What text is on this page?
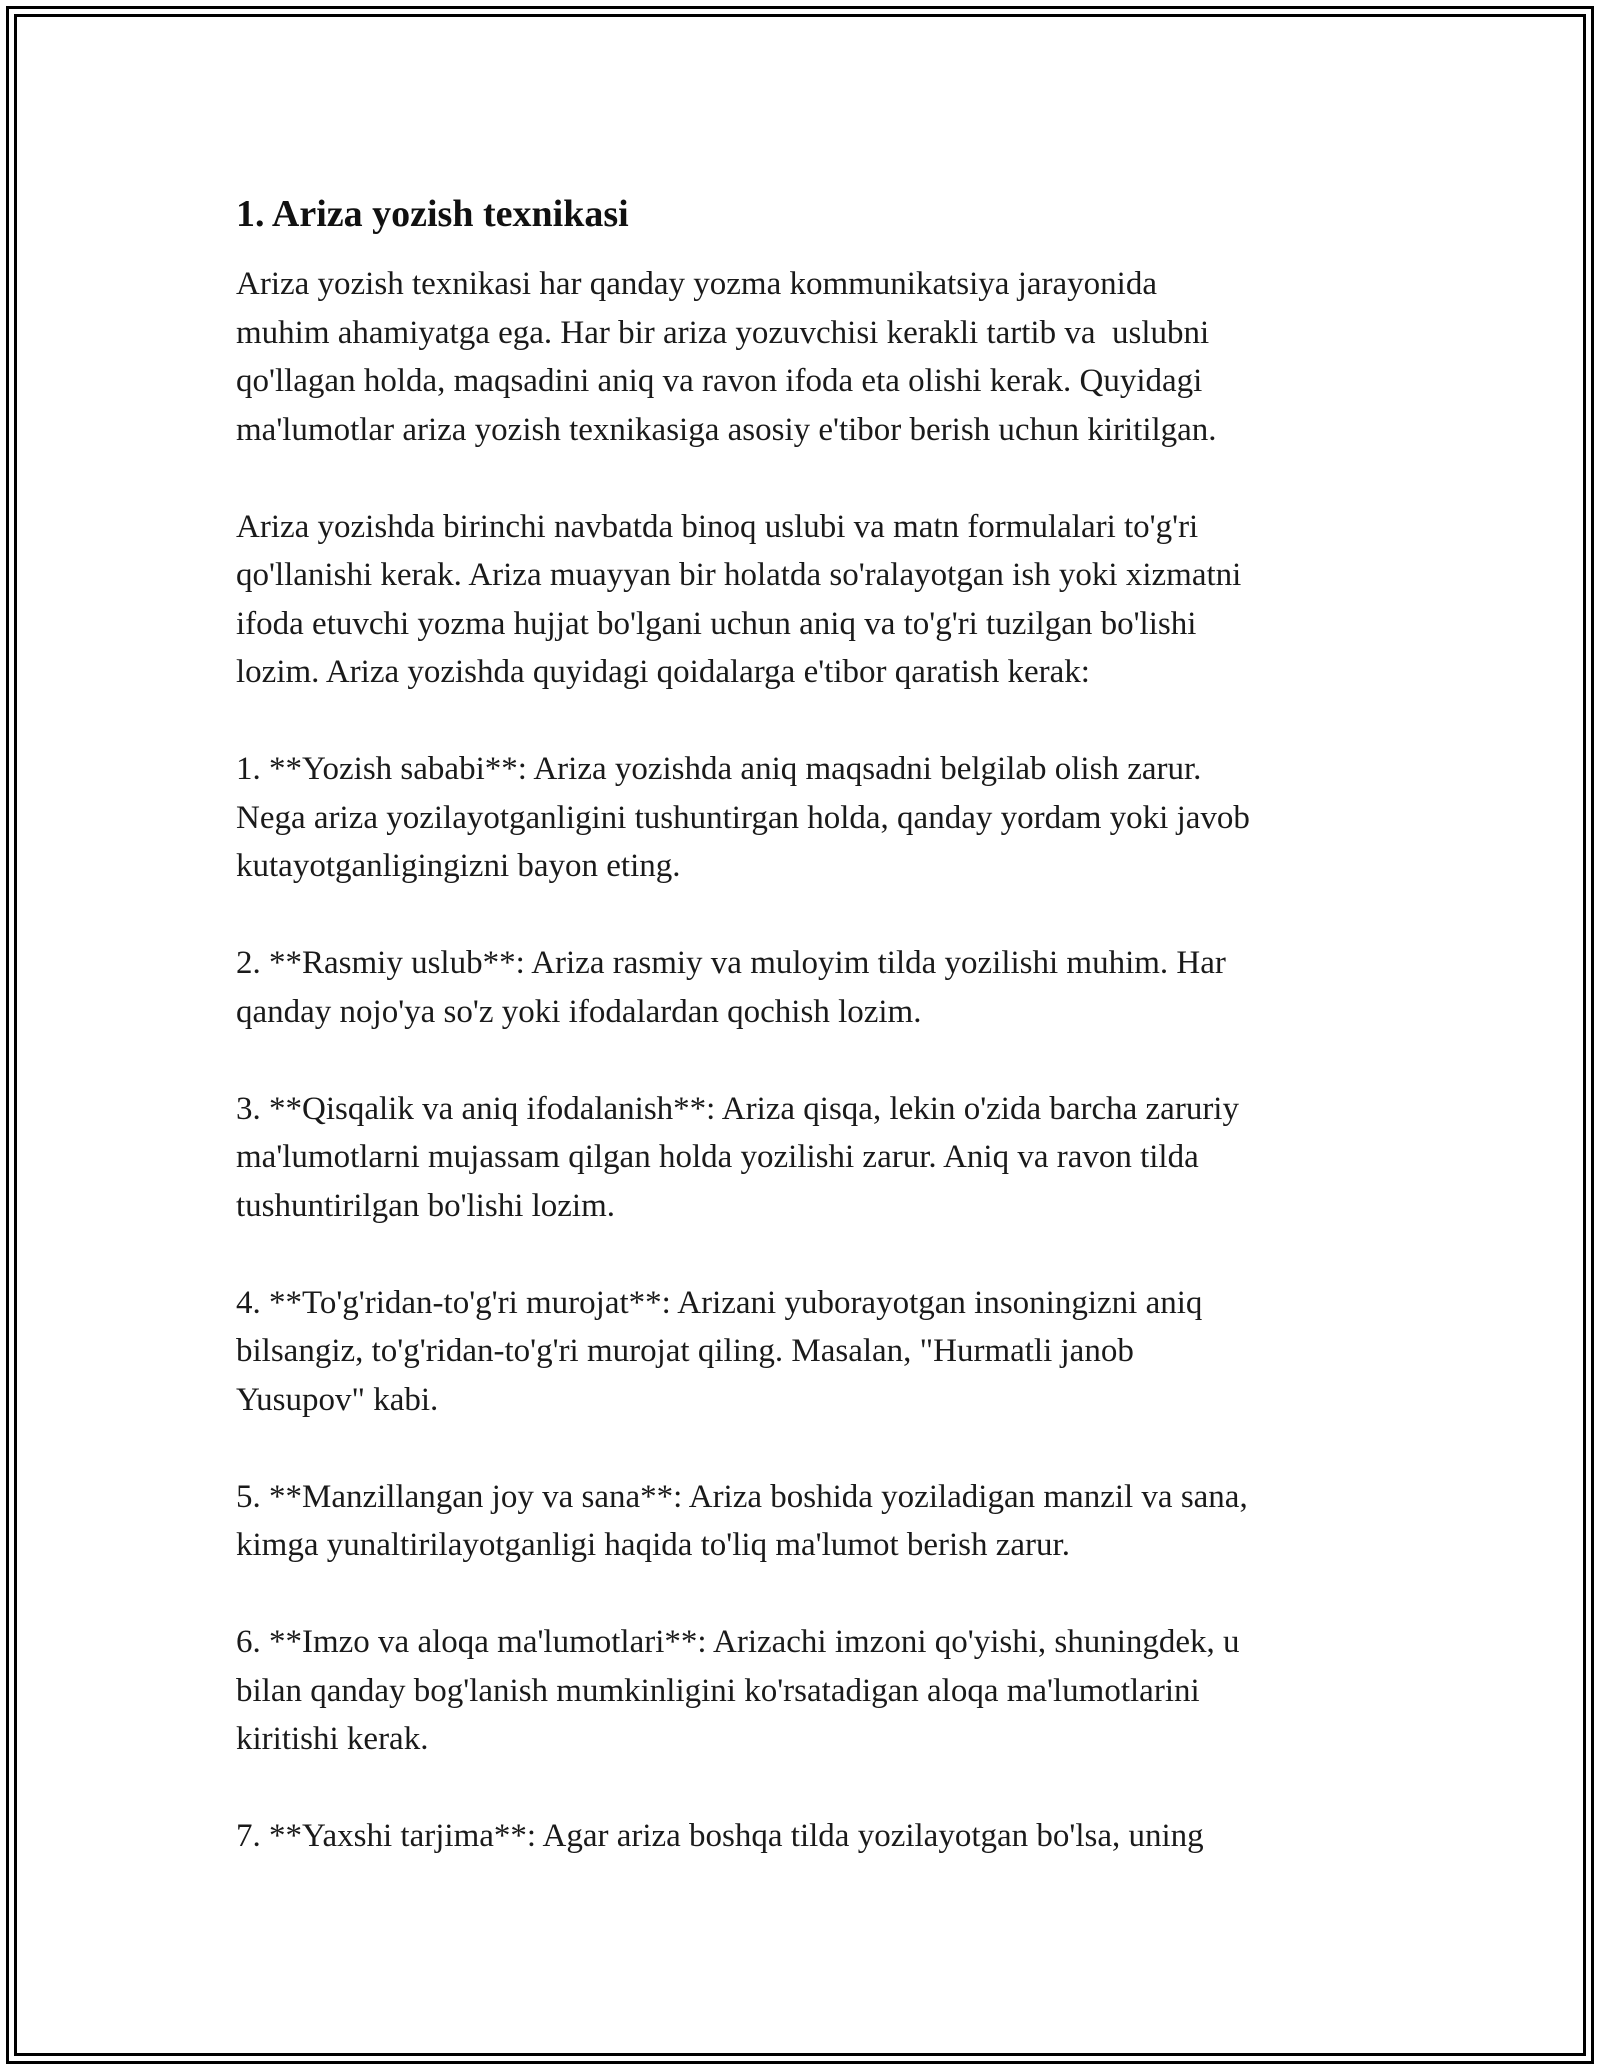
1. Ariza yozish texnikasi
Ariza yozish texnikasi har qanday yozma kommunikatsiya jarayonida
muhim ahamiyatga ega. Har bir ariza yozuvchisi kerakli tartib va  uslubni
qo'llagan holda, maqsadini aniq va ravon ifoda eta olishi kerak. Quyidagi
ma'lumotlar ariza yozish texnikasiga asosiy e'tibor berish uchun kiritilgan.
Ariza yozishda birinchi navbatda binoq uslubi va matn formulalari to'g'ri
qo'llanishi kerak. Ariza muayyan bir holatda so'ralayotgan ish yoki xizmatni
ifoda etuvchi yozma hujjat bo'lgani uchun aniq va to'g'ri tuzilgan bo'lishi
lozim. Ariza yozishda quyidagi qoidalarga e'tibor qaratish kerak:
1. **Yozish sababi**: Ariza yozishda aniq maqsadni belgilab olish zarur.
Nega ariza yozilayotganligini tushuntirgan holda, qanday yordam yoki javob
kutayotganligingizni bayon eting.
2. **Rasmiy uslub**: Ariza rasmiy va muloyim tilda yozilishi muhim. Har
qanday nojo'ya so'z yoki ifodalardan qochish lozim.
3. **Qisqalik va aniq ifodalanish**: Ariza qisqa, lekin o'zida barcha zaruriy
ma'lumotlarni mujassam qilgan holda yozilishi zarur. Aniq va ravon tilda
tushuntirilgan bo'lishi lozim.
4. **To'g'ridan-to'g'ri murojat**: Arizani yuborayotgan insoningizni aniq
bilsangiz, to'g'ridan-to'g'ri murojat qiling. Masalan, "Hurmatli janob
Yusupov" kabi.
5. **Manzillangan joy va sana**: Ariza boshida yoziladigan manzil va sana,
kimga yunaltirilayotganligi haqida to'liq ma'lumot berish zarur.
6. **Imzo va aloqa ma'lumotlari**: Arizachi imzoni qo'yishi, shuningdek, u
bilan qanday bog'lanish mumkinligini ko'rsatadigan aloqa ma'lumotlarini
kiritishi kerak.
7. **Yaxshi tarjima**: Agar ariza boshqa tilda yozilayotgan bo'lsa, uning
